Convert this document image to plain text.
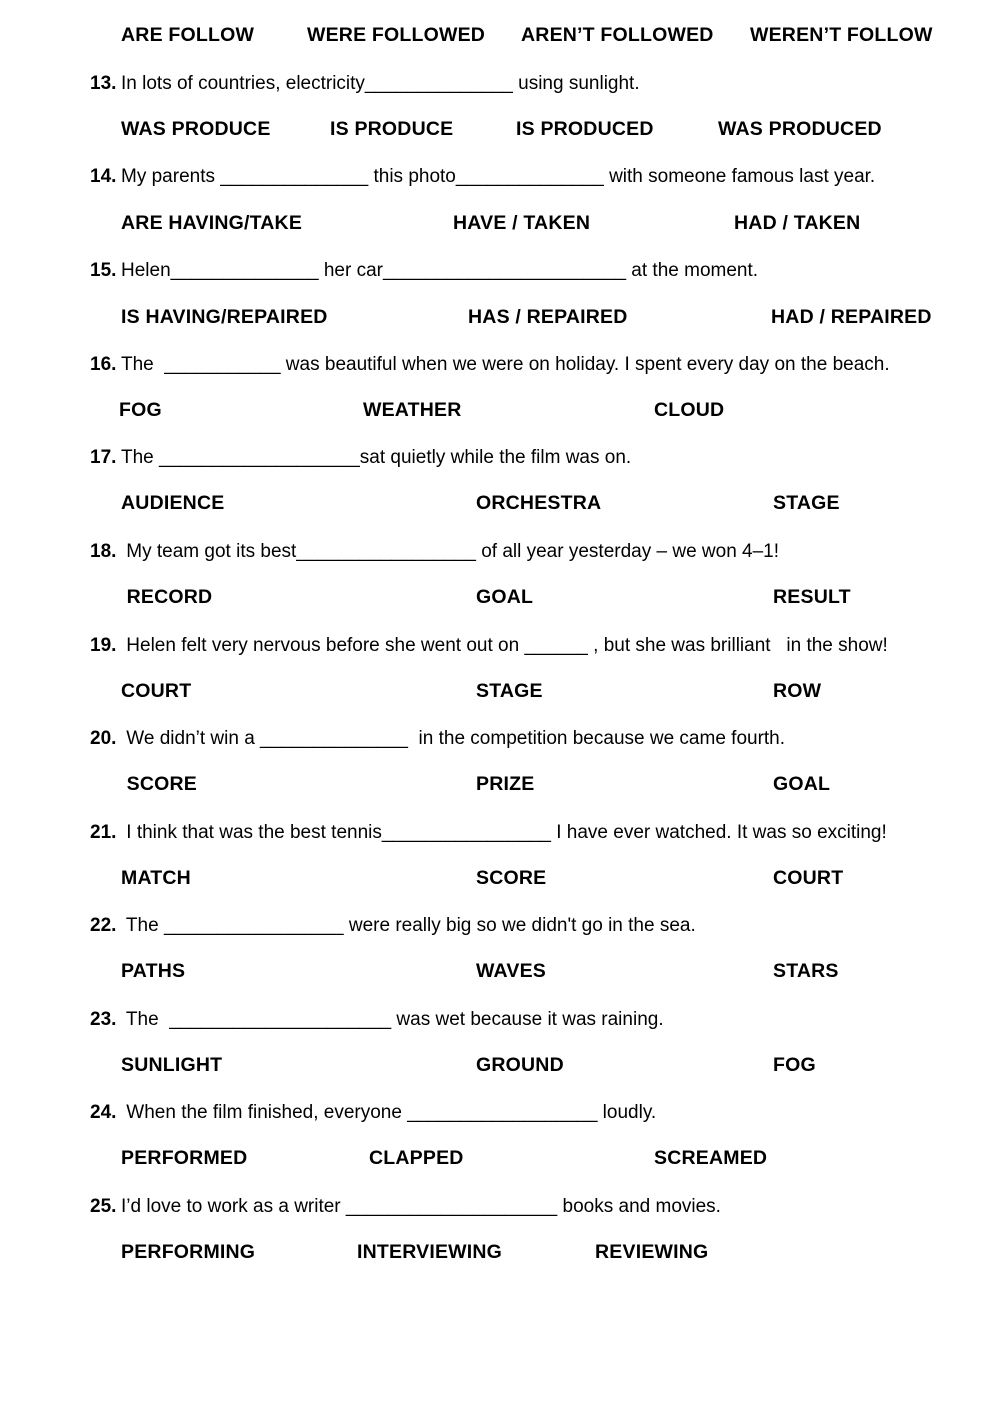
ARE FOLLOW	WERE FOLLOWED AREN’T FOLLOWED WEREN’T FOLLOW
13. In lots of countries, electricity______________ using sunlight.
WAS PRODUCE	IS PRODUCE	IS PRODUCED	WAS PRODUCED
14. My parents ______________ this photo______________ with someone famous last year.
ARE HAVING/TAKE	HAVE / TAKEN	HAD / TAKEN
15. Helen______________ her car_______________________ at the moment.
IS HAVING/REPAIRED	HAS / REPAIRED	HAD / REPAIRED
16. The  ___________ was beautiful when we were on holiday. I spent every day on the beach.
FOG	WEATHER	CLOUD
17. The ___________________sat quietly while the film was on.
AUDIENCE	ORCHESTRA	STAGE
18. My team got its best_________________ of all year yesterday – we won 4–1!
RECORD	GOAL	RESULT
19. Helen felt very nervous before she went out on ______ , but she was brilliant   in the show!
COURT	STAGE	ROW
20. We didn’t win a ______________  in the competition because we came fourth.
SCORE	PRIZE	GOAL
21. I think that was the best tennis________________ I have ever watched. It was so exciting!
MATCH	SCORE	COURT
22. The _________________ were really big so we didn't go in the sea.
PATHS	WAVES	STARS
23. The  _____________________ was wet because it was raining.
SUNLIGHT	GROUND	FOG
24. When the film finished, everyone __________________ loudly.
PERFORMED	CLAPPED	SCREAMED
25. I’d love to work as a writer ____________________ books and movies.
PERFORMING	INTERVIEWING	REVIEWING
